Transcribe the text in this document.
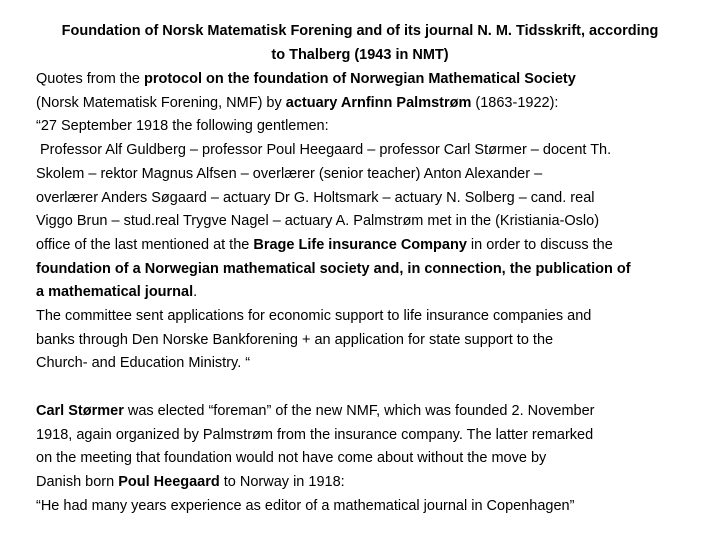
Foundation of Norsk Matematisk Forening and of its journal N. M. Tidsskrift, according
to Thalberg (1943 in NMT)
Quotes from the protocol on the foundation of Norwegian Mathematical Society
(Norsk Matematisk Forening, NMF) by actuary Arnfinn Palmstrøm (1863-1922):
“27 September 1918 the following gentlemen:
Professor Alf Guldberg – professor Poul Heegaard – professor Carl Størmer – docent Th.
Skolem – rektor Magnus Alfsen – overlærer (senior teacher) Anton Alexander –
overlærer Anders Søgaard – actuary Dr G. Holtsmark – actuary N. Solberg – cand. real
Viggo Brun – stud.real Trygve Nagel – actuary A. Palmstrøm met in the (Kristiania-Oslo)
office of the last mentioned at the Brage Life insurance Company in order to discuss the
foundation of a Norwegian mathematical society and, in connection, the publication of
a mathematical journal.
The committee sent applications for economic support to life insurance companies and
banks through Den Norske Bankforening + an application for state support to the
Church- and Education Ministry. “
Carl Størmer was elected “foreman” of the new NMF, which was founded 2. November
1918, again organized by Palmstrøm from the insurance company. The latter remarked
on the meeting that foundation would not have come about without the move by
Danish born Poul Heegaard to Norway in 1918:
“He had many years experience as editor of a mathematical journal in Copenhagen”
